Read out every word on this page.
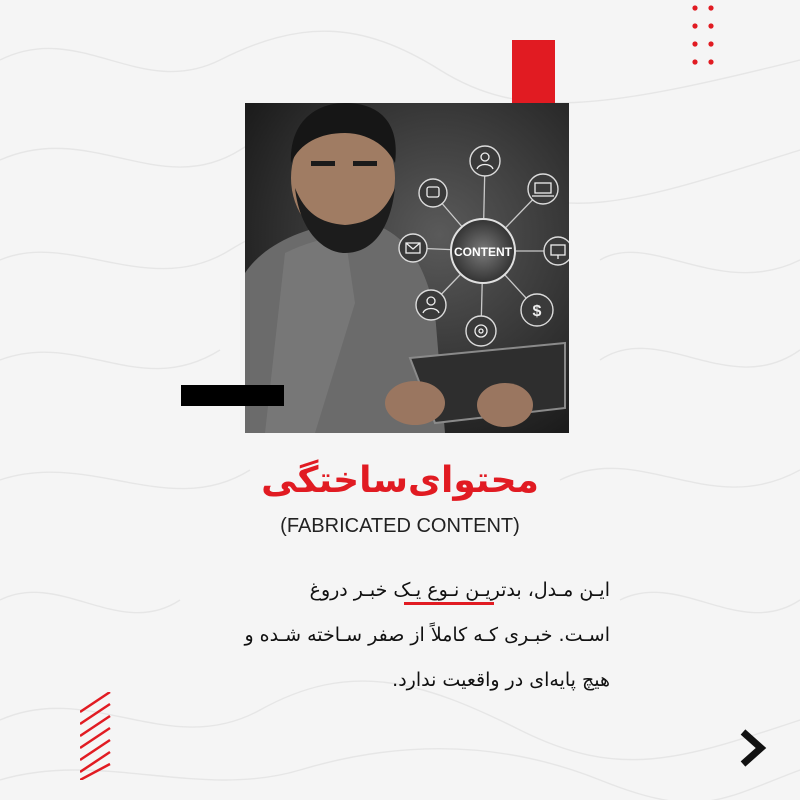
CONTENT
$
محتوای‌ساختگی
(FABRICATED CONTENT)
ایـن مـدل، بدتریـن نـوع یـک خبـر دروغ
اسـت. خبـری کـه کاملاً از صفر سـاخته شـده و
هیچ پایه‌ای در واقعیت ندارد.
